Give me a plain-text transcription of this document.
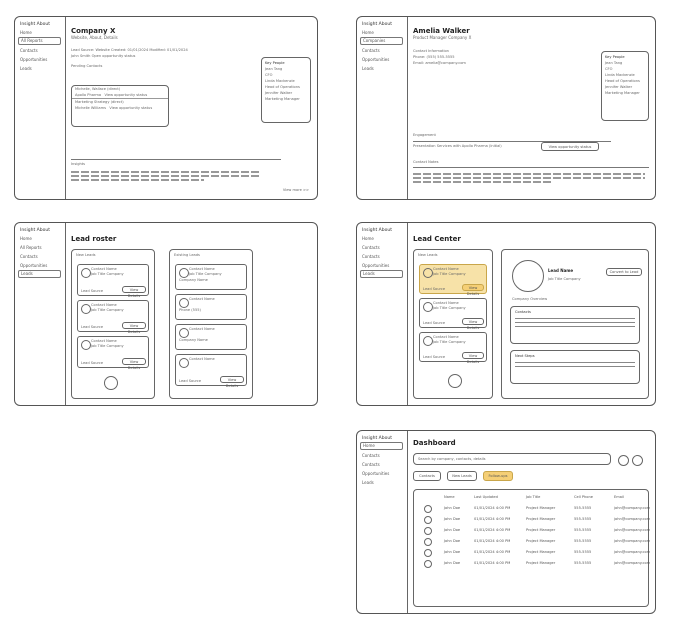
Insight About
Home
All Reports
Contacts
Opportunities
Leads
Company X
Website, About, Details
Lead Source: Website Created: 01/01/2024 Modified: 01/01/2024
John Smith Open opportunity status
Pending Contacts
Michelle, Wallace (direct)
Apollo Pharma View opportunity status
Marketing Strategy (direct)
Michelle Williams View opportunity status
Key People
Jean Tang
CFO
Linda Mackenzie
Head of Operations
Jennifer Walker
Marketing Manager
Insights
View more >>
Insight About
Home
Companies
Contacts
Opportunities
Leads
Amelia Walker
Product Manager Company X
Contact Information
Phone: (555) 555-5555
Email: amelia@company.com
Key People
Jean Tang
CFO
Linda Mackenzie
Head of Operations
Jennifer Walker
Marketing Manager
Engagement
Presentation Services with Apollo Pharma (Initial)	View opportunity status
Contact Notes
Insight About
Home
All Reports
Contacts
Opportunities
Leads
Lead roster
New Leads
Contact Name
Job Title Company
Lead Source	View Details
Contact Name
Job Title Company
Lead Source	View Details
Contact Name
Job Title Company
Lead Source	View Details
Existing Leads
Contact Name
Job Title Company
Company Name
Contact Name
Phone (555)
Contact Name
Company Name
Contact Name
Lead Source	View Details
Insight About
Home
Contacts
Contacts
Opportunities
Leads
Lead Center
New Leads
Contact Name
Job Title Company
Lead Source	View Details
Contact Name
Job Title Company
Lead Source	View Details
Contact Name
Job Title Company
Lead Source	View Details
Lead Name
Job Title Company
Convert to Lead
Company Overview
Contacts
Next Steps
Insight About
Home
Contacts
Contacts
Opportunities
Leads
Dashboard
Search by company, contacts, details
Contacts	New Leads	Follow-ups
Name	Last Updated	Job Title	Cell Phone	Email
John Doe	01/01/2024 4:00 PM	Project Manager	555-5555	john@company.com
John Doe	01/01/2024 4:00 PM	Project Manager	555-5555	john@company.com
John Doe	01/01/2024 4:00 PM	Project Manager	555-5555	john@company.com
John Doe	01/01/2024 4:00 PM	Project Manager	555-5555	john@company.com
John Doe	01/01/2024 4:00 PM	Project Manager	555-5555	john@company.com
John Doe	01/01/2024 4:00 PM	Project Manager	555-5555	john@company.com
